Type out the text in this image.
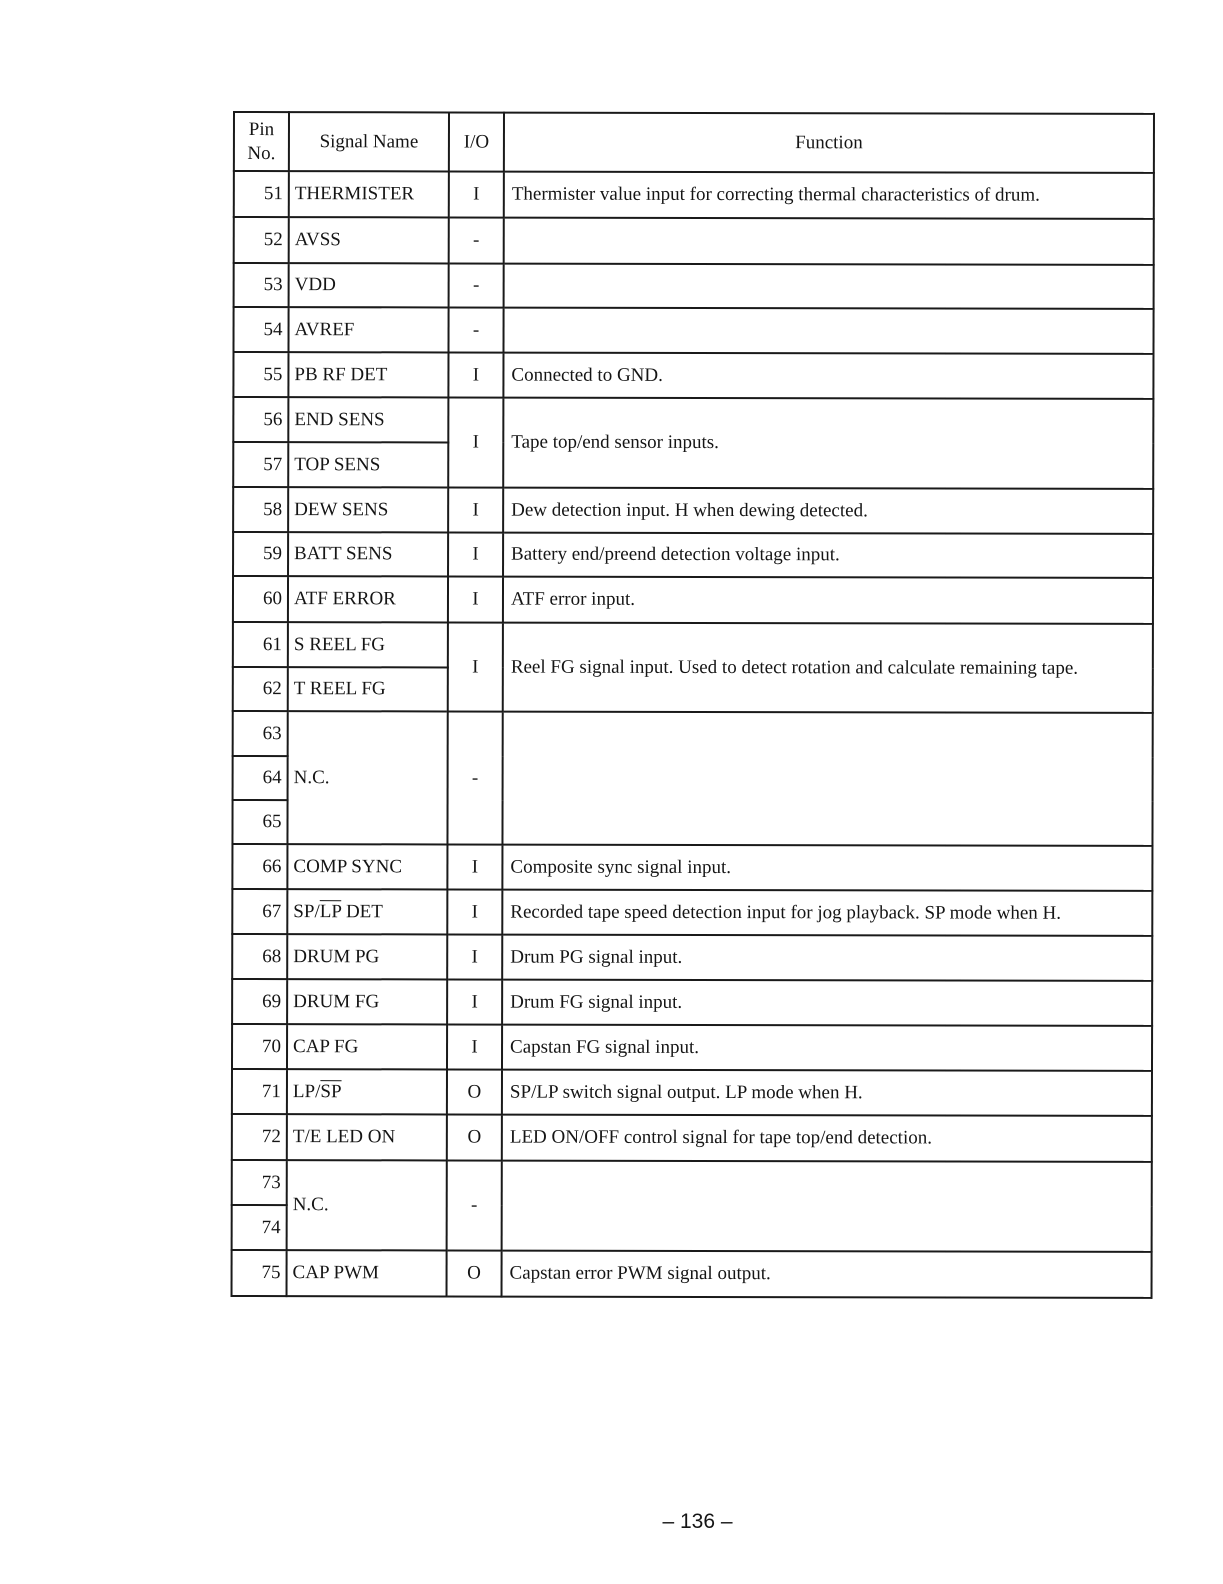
Pin No.	Signal Name	I/O	Function
51	THERMISTER	I	Thermister value input for correcting thermal characteristics of drum.
52	AVSS	-	
53	VDD	-	
54	AVREF	-	
55	PB RF DET	I	Connected to GND.
56	END SENS	I	Tape top/end sensor inputs.
57	TOP SENS		
58	DEW SENS	I	Dew detection input. H when dewing detected.
59	BATT SENS	I	Battery end/preend detection voltage input.
60	ATF ERROR	I	ATF error input.
61	S REEL FG	I	Reel FG signal input. Used to detect rotation and calculate remaining tape.
62	T REEL FG		
63	N.C.	-	
64			
65			
66	COMP SYNC	I	Composite sync signal input.
67	$SP/\overline{LP}$ DET	I	Recorded tape speed detection input for jog playback. SP mode when H.
68	DRUM PG	I	Drum PG signal input.
69	DRUM FG	I	Drum FG signal input.
70	CAP FG	I	Capstan FG signal input.
71	$LP/\overline{SP}$	O	SP/LP switch signal output. LP mode when H.
72	T/E LED ON	O	LED ON/OFF control signal for tape top/end detection.
73	N.C.	-	
74			
75	CAP PWM	O	Capstan error PWM signal output.
– 136 –
